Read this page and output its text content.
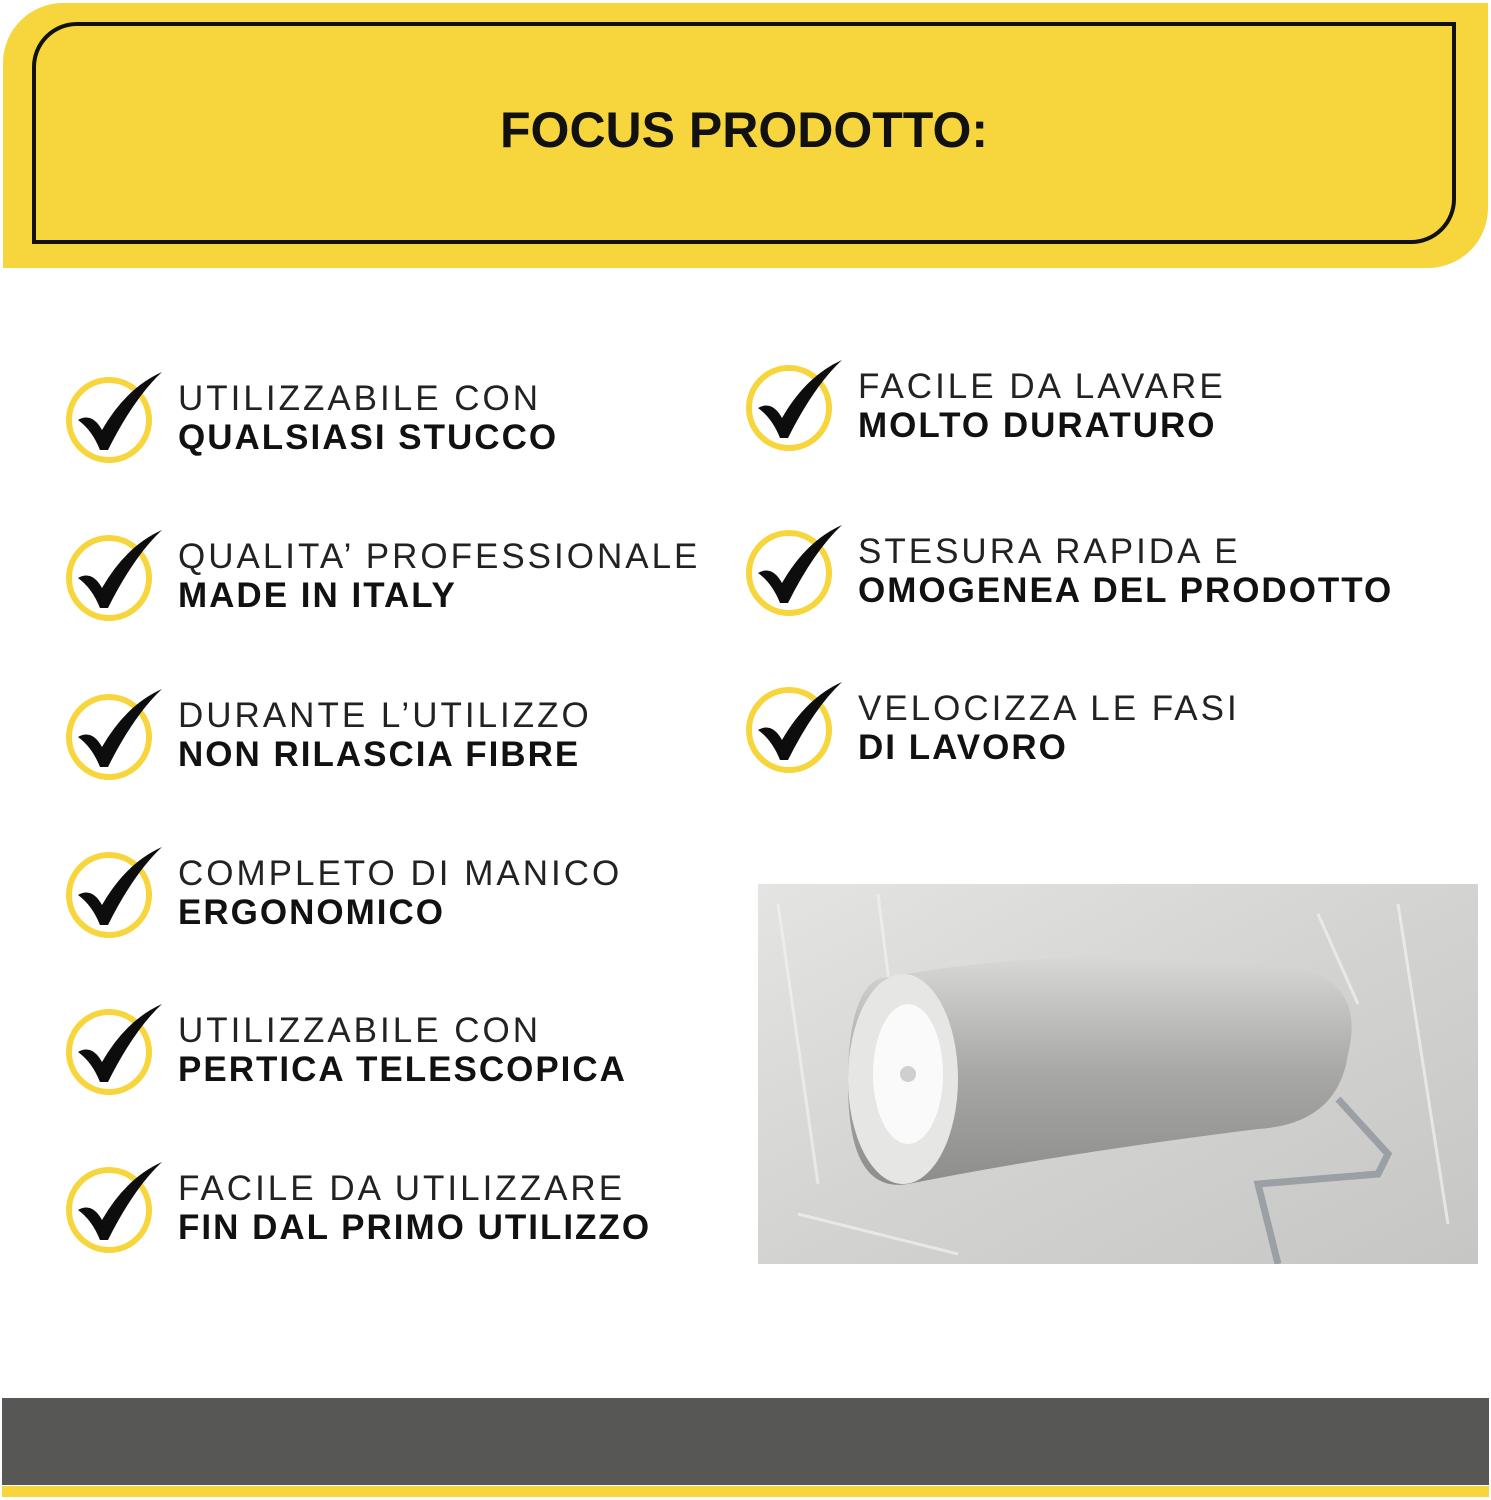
FOCUS PRODOTTO:
UTILIZZABILE CON
QUALSIASI STUCCO
QUALITA’ PROFESSIONALE
MADE IN ITALY
DURANTE L’UTILIZZO
NON RILASCIA FIBRE
COMPLETO DI MANICO
ERGONOMICO
UTILIZZABILE CON
PERTICA TELESCOPICA
FACILE DA UTILIZZARE
FIN DAL PRIMO UTILIZZO
FACILE DA LAVARE
MOLTO DURATURO
STESURA RAPIDA E
OMOGENEA DEL PRODOTTO
VELOCIZZA LE FASI
DI LAVORO
